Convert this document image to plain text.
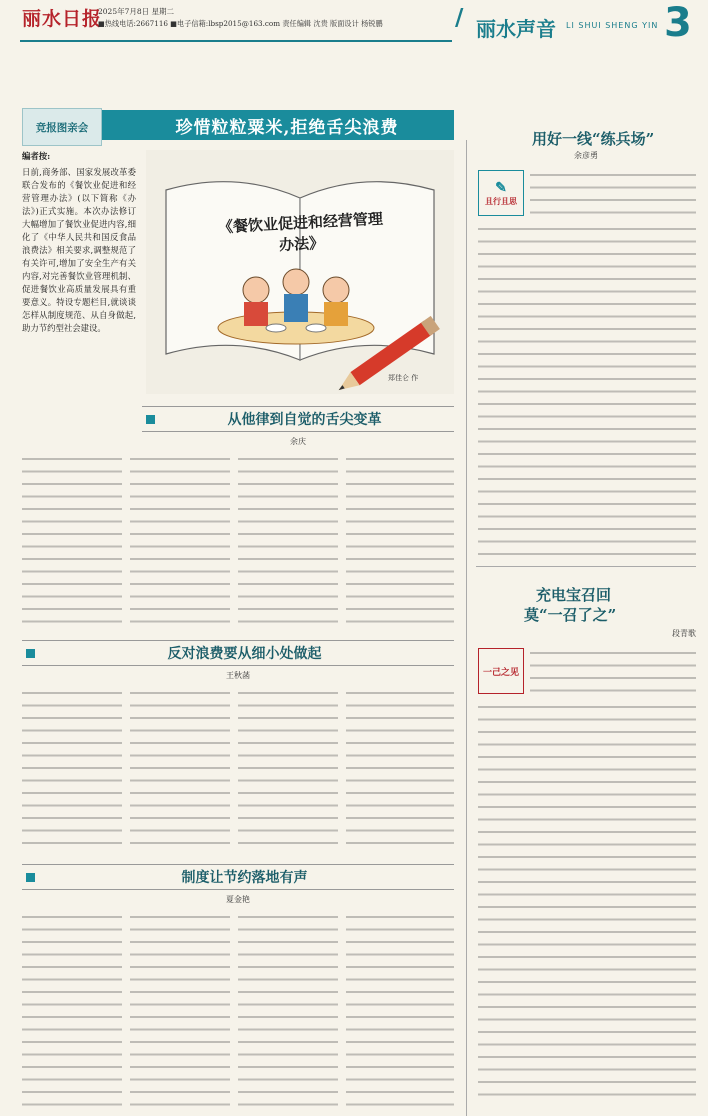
丽水日报
2025年7月8日 星期二
■热线电话:2667116 ■电子信箱:lbsp2015@163.com 责任编辑 沈贵 版面设计 杨锐鹏	/ 丽水声音 LI SHUI SHENG YIN 3
竞报图亲会	珍惜粒粒粟米,拒绝舌尖浪费
编者按:
日前,商务部、国家发展改革委联合发布的《餐饮业促进和经营管理办法》(以下简称《办法》)正式实施。本次办法修订大幅增加了餐饮业促进内容,细化了《中华人民共和国反食品浪费法》相关要求,调整规范了有关许可,增加了安全生产有关内容,对完善餐饮业管理机制、促进餐饮业高质量发展具有重要意义。特设专题栏目,就谈谈怎样从制度规范、从自身做起,助力节约型社会建设。
《餐饮业促进和经营管理办法》
郑佳仑 作
从他律到自觉的舌尖变革
余庆
反对浪费要从细小处做起
王秋菡
制度让节约落地有声
夏金艳
用好一线“练兵场”
余彦勇
✎
且行且思
充电宝召回
莫“一召了之”
段青歌
一己之见
